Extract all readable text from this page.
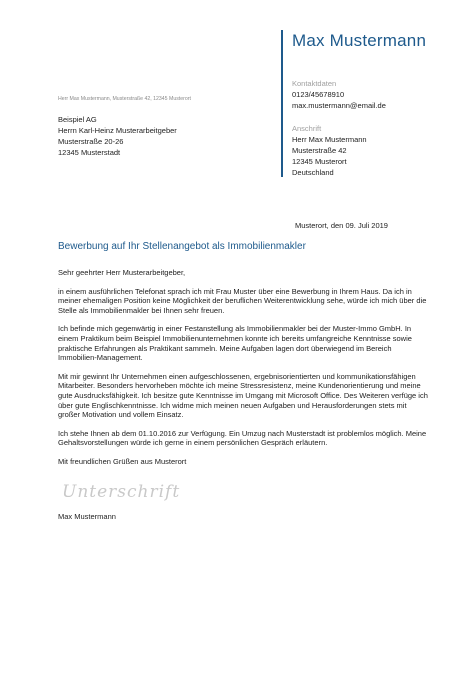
Max Mustermann
Kontaktdaten
0123/45678910
max.mustermann@email.de
Anschrift
Herr Max Mustermann
Musterstraße 42
12345 Musterort
Deutschland
Herr Max Mustermann, Musterstraße 42, 12345 Musterort
Beispiel AG
Herrn Karl-Heinz Musterarbeitgeber
Musterstraße 20-26
12345 Musterstadt
Musterort, den 09. Juli 2019
Bewerbung auf Ihr Stellenangebot als Immobilienmakler

Sehr geehrter Herr Musterarbeitgeber,

in einem ausführlichen Telefonat sprach ich mit Frau Muster über eine Bewerbung in Ihrem Haus. Da ich in meiner ehemaligen Position keine Möglichkeit der beruflichen Weiterentwicklung sehe, würde ich mich über die Stelle als Immobilienmakler bei Ihnen sehr freuen.

Ich befinde mich gegenwärtig in einer Festanstellung als Immobilienmakler bei der Muster-Immo GmbH. In einem Praktikum beim Beispiel Immobilienunternehmen konnte ich bereits umfangreiche Kenntnisse sowie praktische Erfahrungen als Praktikant sammeln. Meine Aufgaben lagen dort überwiegend im Bereich Immobilien-Management.

Mit mir gewinnt Ihr Unternehmen einen aufgeschlossenen, ergebnisorientierten und kommunikationsfähigen Mitarbeiter. Besonders hervorheben möchte ich meine Stressresistenz, meine Kundenorientierung und meine gute Ausdrucksfähigkeit. Ich besitze gute Kenntnisse im Umgang mit Microsoft Office. Des Weiteren verfüge ich über gute Englischkenntnisse. Ich widme mich meinen neuen Aufgaben und Herausforderungen stets mit großer Motivation und vollem Einsatz.

Ich stehe Ihnen ab dem 01.10.2016 zur Verfügung. Ein Umzug nach Musterstadt ist problemlos möglich. Meine Gehaltsvorstellungen würde ich gerne in einem persönlichen Gespräch erläutern.

Mit freundlichen Grüßen aus Musterort

Unterschrift
Max Mustermann
